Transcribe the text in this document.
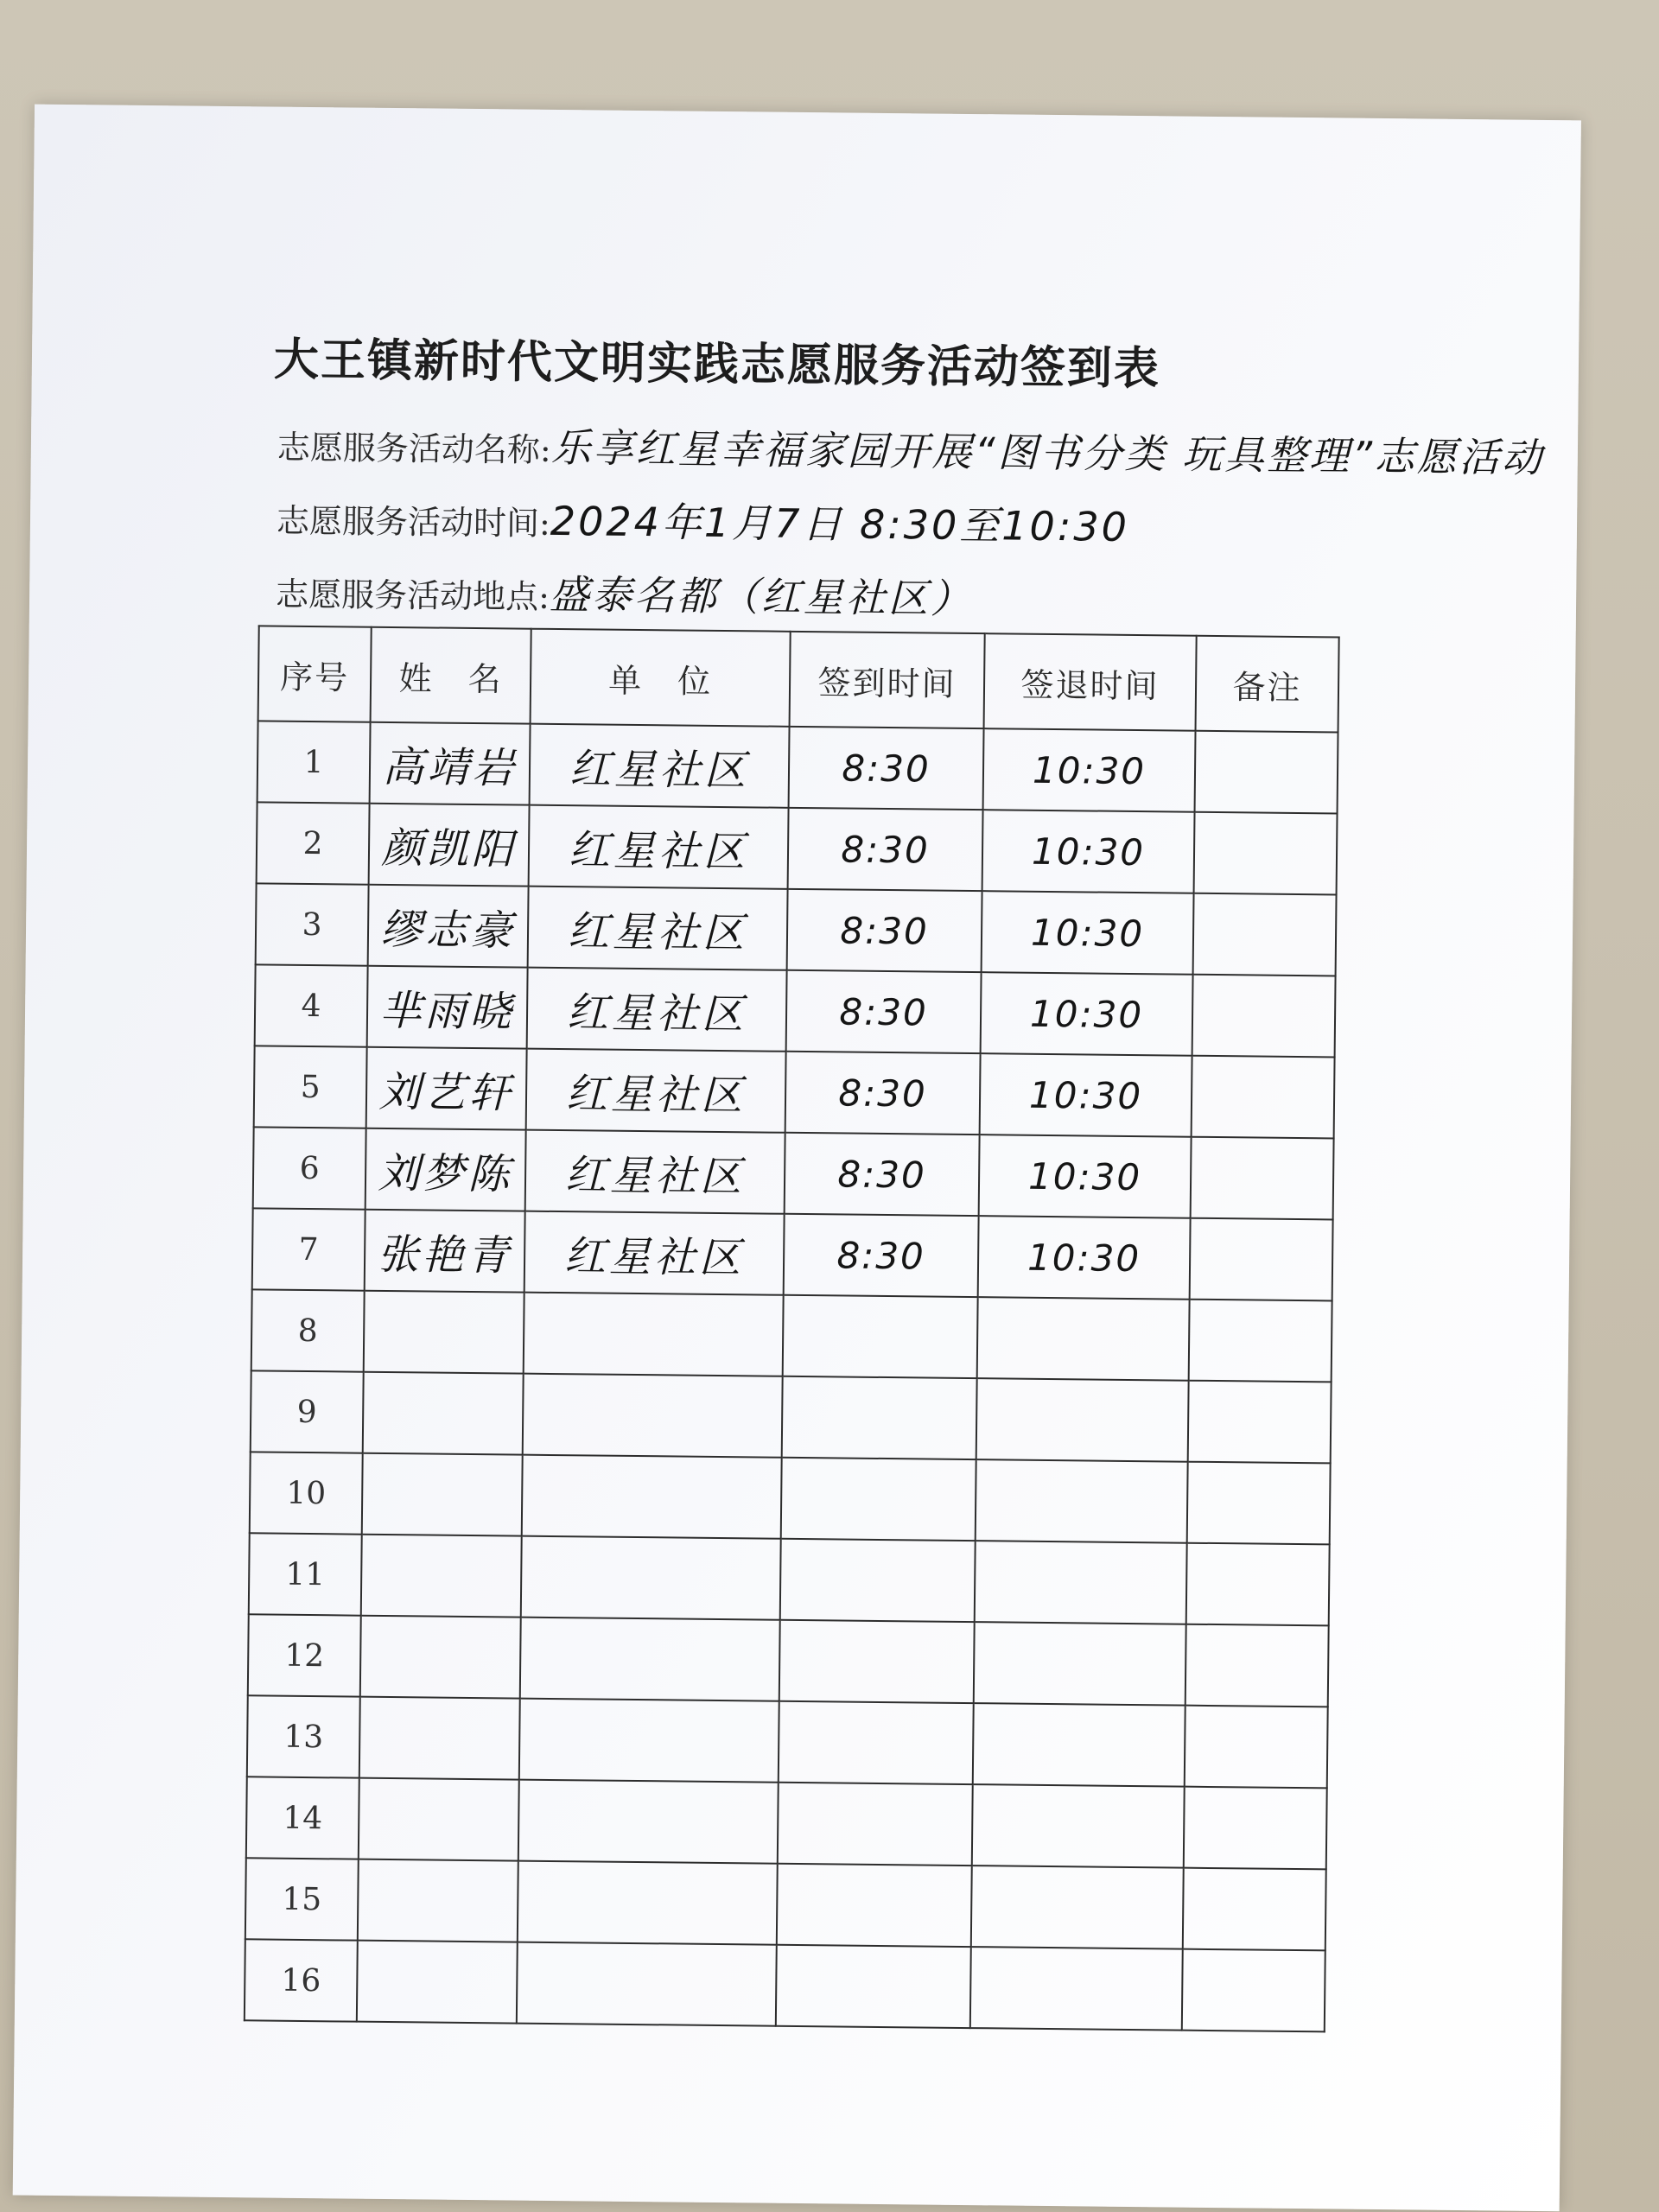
大王镇新时代文明实践志愿服务活动签到表
志愿服务活动名称:乐享红星幸福家园开展“图书分类 玩具整理”志愿活动
志愿服务活动时间:2024年1月7日 8:30至10:30
志愿服务活动地点:盛泰名都（红星社区）
序号	姓　名	单　位	签到时间	签退时间	备注
1	高靖岩	红星社区	8:30	10:30	
2	颜凯阳	红星社区	8:30	10:30	
3	缪志豪	红星社区	8:30	10:30	
4	芈雨晓	红星社区	8:30	10:30	
5	刘艺轩	红星社区	8:30	10:30	
6	刘梦陈	红星社区	8:30	10:30	
7	张艳青	红星社区	8:30	10:30	
8					
9					
10					
11					
12					
13					
14					
15					
16					
